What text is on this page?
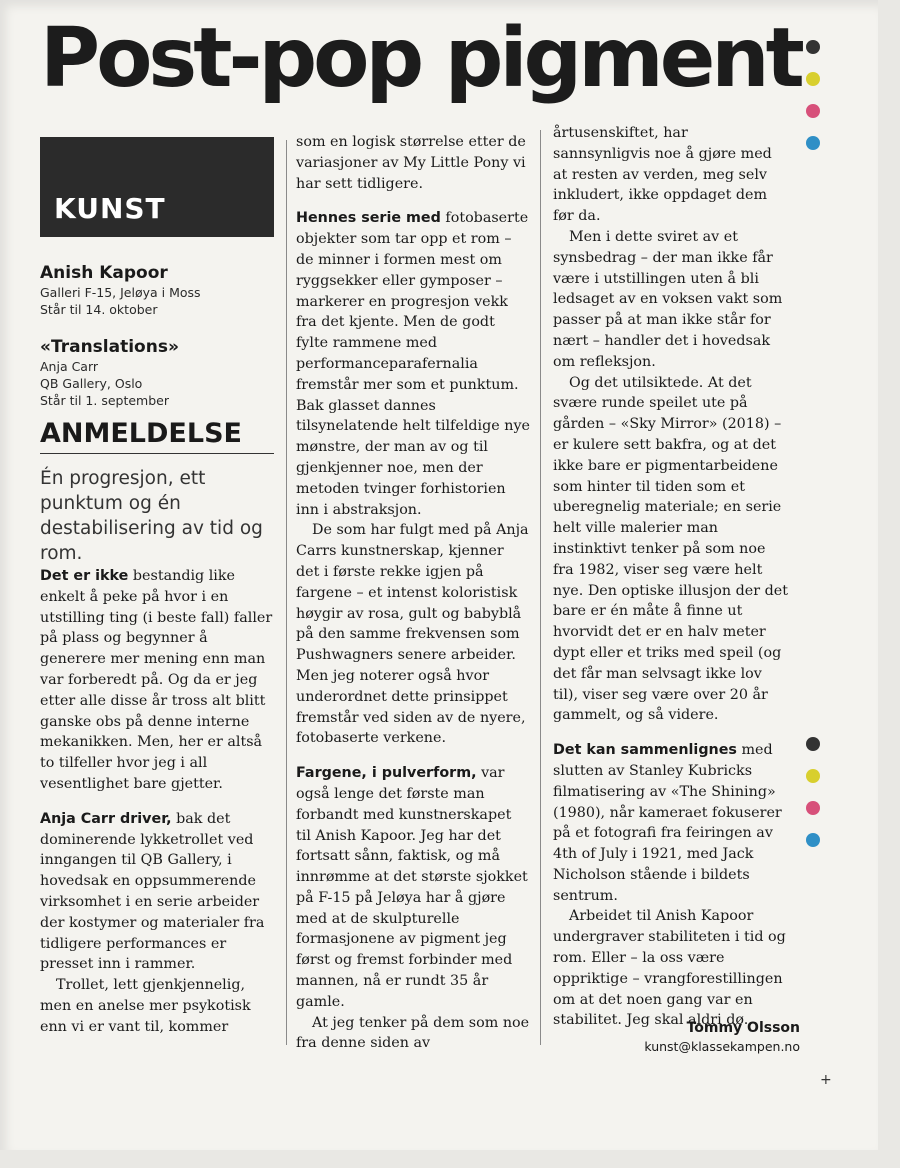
Post-pop pigment
KUNST
Anish Kapoor
Galleri F-15, Jeløya i Moss
Står til 14. oktober
«Translations»
Anja Carr
QB Gallery, Oslo
Står til 1. september
ANMELDELSE
Én progresjon, ett punktum og én destabilisering av tid og rom.

Det er ikke bestandig like enkelt å peke på hvor i en utstilling ting (i beste fall) faller på plass og begynner å generere mer mening enn man var forberedt på. Og da er jeg etter alle disse år tross alt blitt ganske obs på denne interne mekanikken. Men, her er altså to tilfeller hvor jeg i all vesentlighet bare gjetter.

Anja Carr driver, bak det dominerende lykketrollet ved inngangen til QB Gallery, i hovedsak en oppsummerende virksomhet i en serie arbeider der kostymer og materialer fra tidligere performances er presset inn i rammer.

Trollet, lett gjenkjennelig, men en anelse mer psykotisk enn vi er vant til, kommer

som en logisk størrelse etter de variasjoner av My Little Pony vi har sett tidligere.

Hennes serie med fotobaserte objekter som tar opp et rom – de minner i formen mest om ryggsekker eller gymposer – markerer en progresjon vekk fra det kjente. Men de godt fylte rammene med performanceparafernalia fremstår mer som et punktum. Bak glasset dannes tilsynelatende helt tilfeldige nye mønstre, der man av og til gjenkjenner noe, men der metoden tvinger forhistorien inn i abstraksjon.

De som har fulgt med på Anja Carrs kunstnerskap, kjenner det i første rekke igjen på fargene – et intenst koloristisk høygir av rosa, gult og babyblå på den samme frekvensen som Pushwagners senere arbeider. Men jeg noterer også hvor underordnet dette prinsippet fremstår ved siden av de nyere, fotobaserte verkene.

Fargene, i pulverform, var også lenge det første man forbandt med kunstnerskapet til Anish Kapoor. Jeg har det fortsatt sånn, faktisk, og må innrømme at det største sjokket på F-15 på Jeløya har å gjøre med at de skulpturelle formasjonene av pigment jeg først og fremst forbinder med mannen, nå er rundt 35 år gamle.

At jeg tenker på dem som noe fra denne siden av

årtusenskiftet, har sannsynligvis noe å gjøre med at resten av verden, meg selv inkludert, ikke oppdaget dem før da.

Men i dette sviret av et synsbedrag – der man ikke får være i utstillingen uten å bli ledsaget av en voksen vakt som passer på at man ikke står for nært – handler det i hovedsak om refleksjon.

Og det utilsiktede. At det svære runde speilet ute på gården – «Sky Mirror» (2018) – er kulere sett bakfra, og at det ikke bare er pigmentarbeidene som hinter til tiden som et uberegnelig materiale; en serie helt ville malerier man instinktivt tenker på som noe fra 1982, viser seg være helt nye. Den optiske illusjon der det bare er én måte å finne ut hvorvidt det er en halv meter dypt eller et triks med speil (og det får man selvsagt ikke lov til), viser seg være over 20 år gammelt, og så videre.

Det kan sammenlignes med slutten av Stanley Kubricks filmatisering av «The Shining» (1980), når kameraet fokuserer på et fotografi fra feiringen av 4th of July i 1921, med Jack Nicholson stående i bildets sentrum.

Arbeidet til Anish Kapoor undergraver stabiliteten i tid og rom. Eller – la oss være oppriktige – vrangforestillingen om at det noen gang var en stabilitet. Jeg skal aldri dø.

Tommy Olsson
kunst@klassekampen.no
+
